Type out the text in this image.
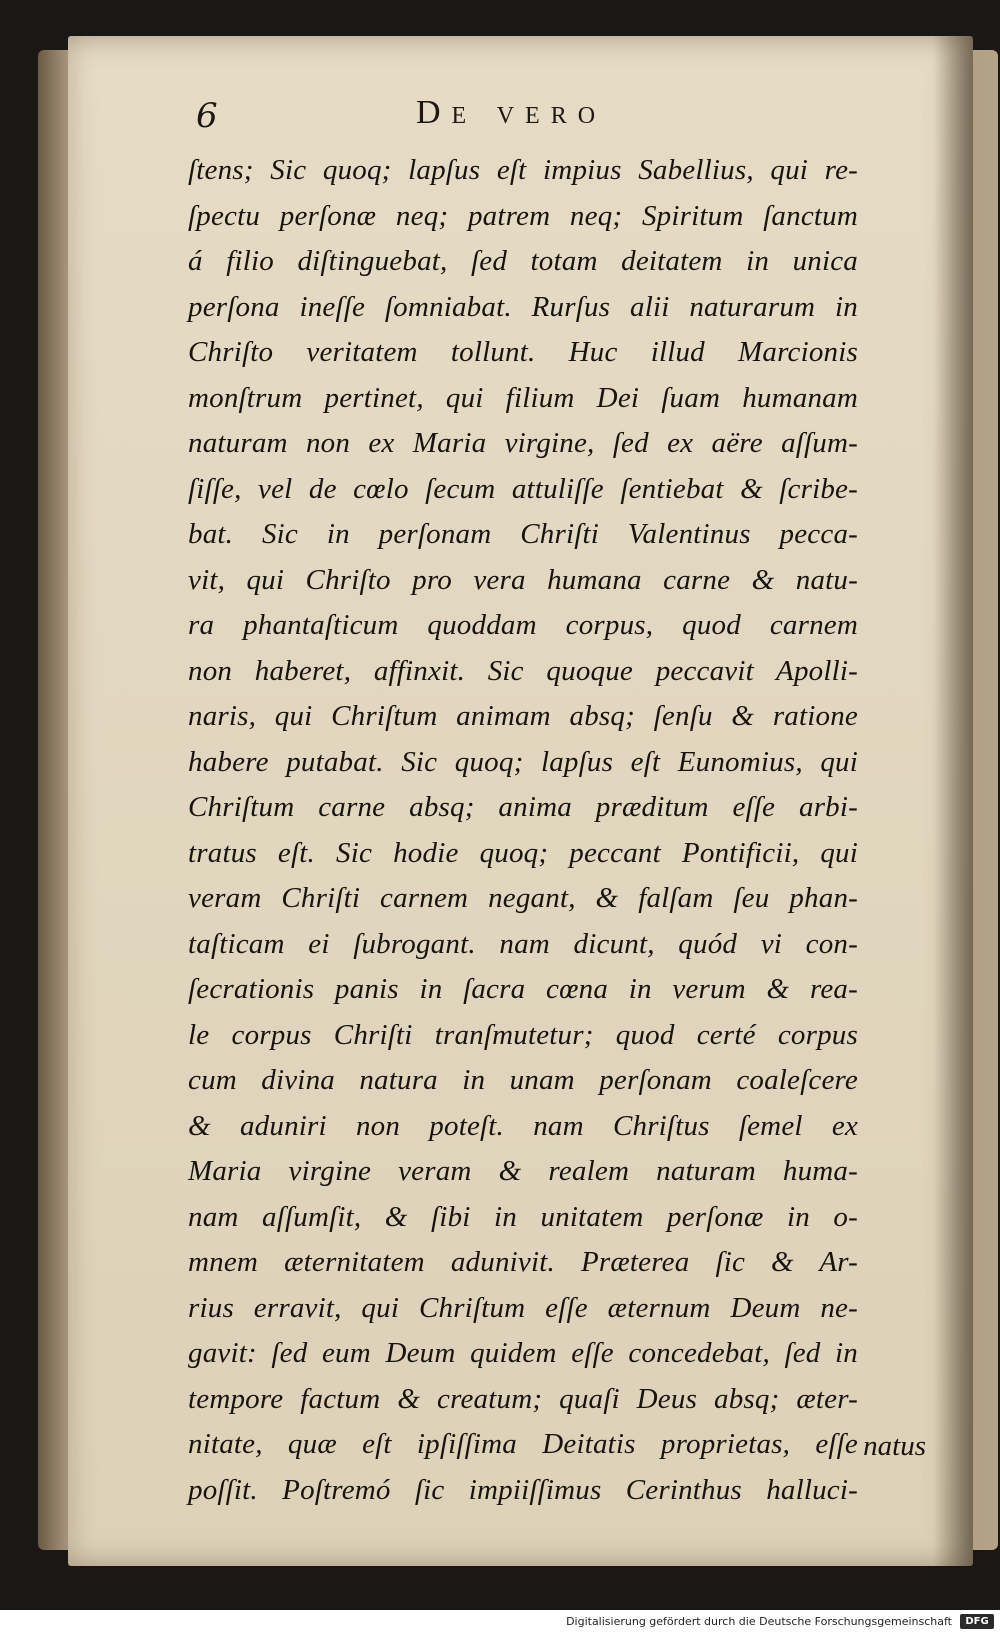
6	De vero
ſtens; Sic quoq; lapſus eſt impius Sabellius, qui re-
ſpectu perſonæ neq; patrem neq; Spiritum ſanctum
á filio diſtinguebat, ſed totam deitatem in unica
perſona ineſſe ſomniabat. Rurſus alii naturarum in
Chriſto veritatem tollunt. Huc illud Marcionis
monſtrum pertinet, qui filium Dei ſuam humanam
naturam non ex Maria virgine, ſed ex aëre aſſum-
ſiſſe, vel de cœlo ſecum attuliſſe ſentiebat & ſcribe-
bat. Sic in perſonam Chriſti Valentinus pecca-
vit, qui Chriſto pro vera humana carne & natu-
ra phantaſticum quoddam corpus, quod carnem
non haberet, affinxit. Sic quoque peccavit Apolli-
naris, qui Chriſtum animam absq; ſenſu & ratione
habere putabat. Sic quoq; lapſus eſt Eunomius, qui
Chriſtum carne absq; anima præditum eſſe arbi-
tratus eſt. Sic hodie quoq; peccant Pontificii, qui
veram Chriſti carnem negant, & falſam ſeu phan-
taſticam ei ſubrogant. nam dicunt, quód vi con-
ſecrationis panis in ſacra cœna in verum & rea-
le corpus Chriſti tranſmutetur; quod certé corpus
cum divina natura in unam perſonam coaleſcere
& aduniri non poteſt. nam Chriſtus ſemel ex
Maria virgine veram & realem naturam huma-
nam aſſumſit, & ſibi in unitatem perſonæ in o-
mnem æternitatem adunivit. Præterea ſic & Ar-
rius erravit, qui Chriſtum eſſe æternum Deum ne-
gavit: ſed eum Deum quidem eſſe concedebat, ſed in
tempore factum & creatum; quaſi Deus absq; æter-
nitate, quæ eſt ipſiſſima Deitatis proprietas, eſſe
poſſit. Poſtremó ſic impiiſſimus Cerinthus halluci-
natus
Digitalisierung gefördert durch die Deutsche Forschungsgemeinschaft	DFG
